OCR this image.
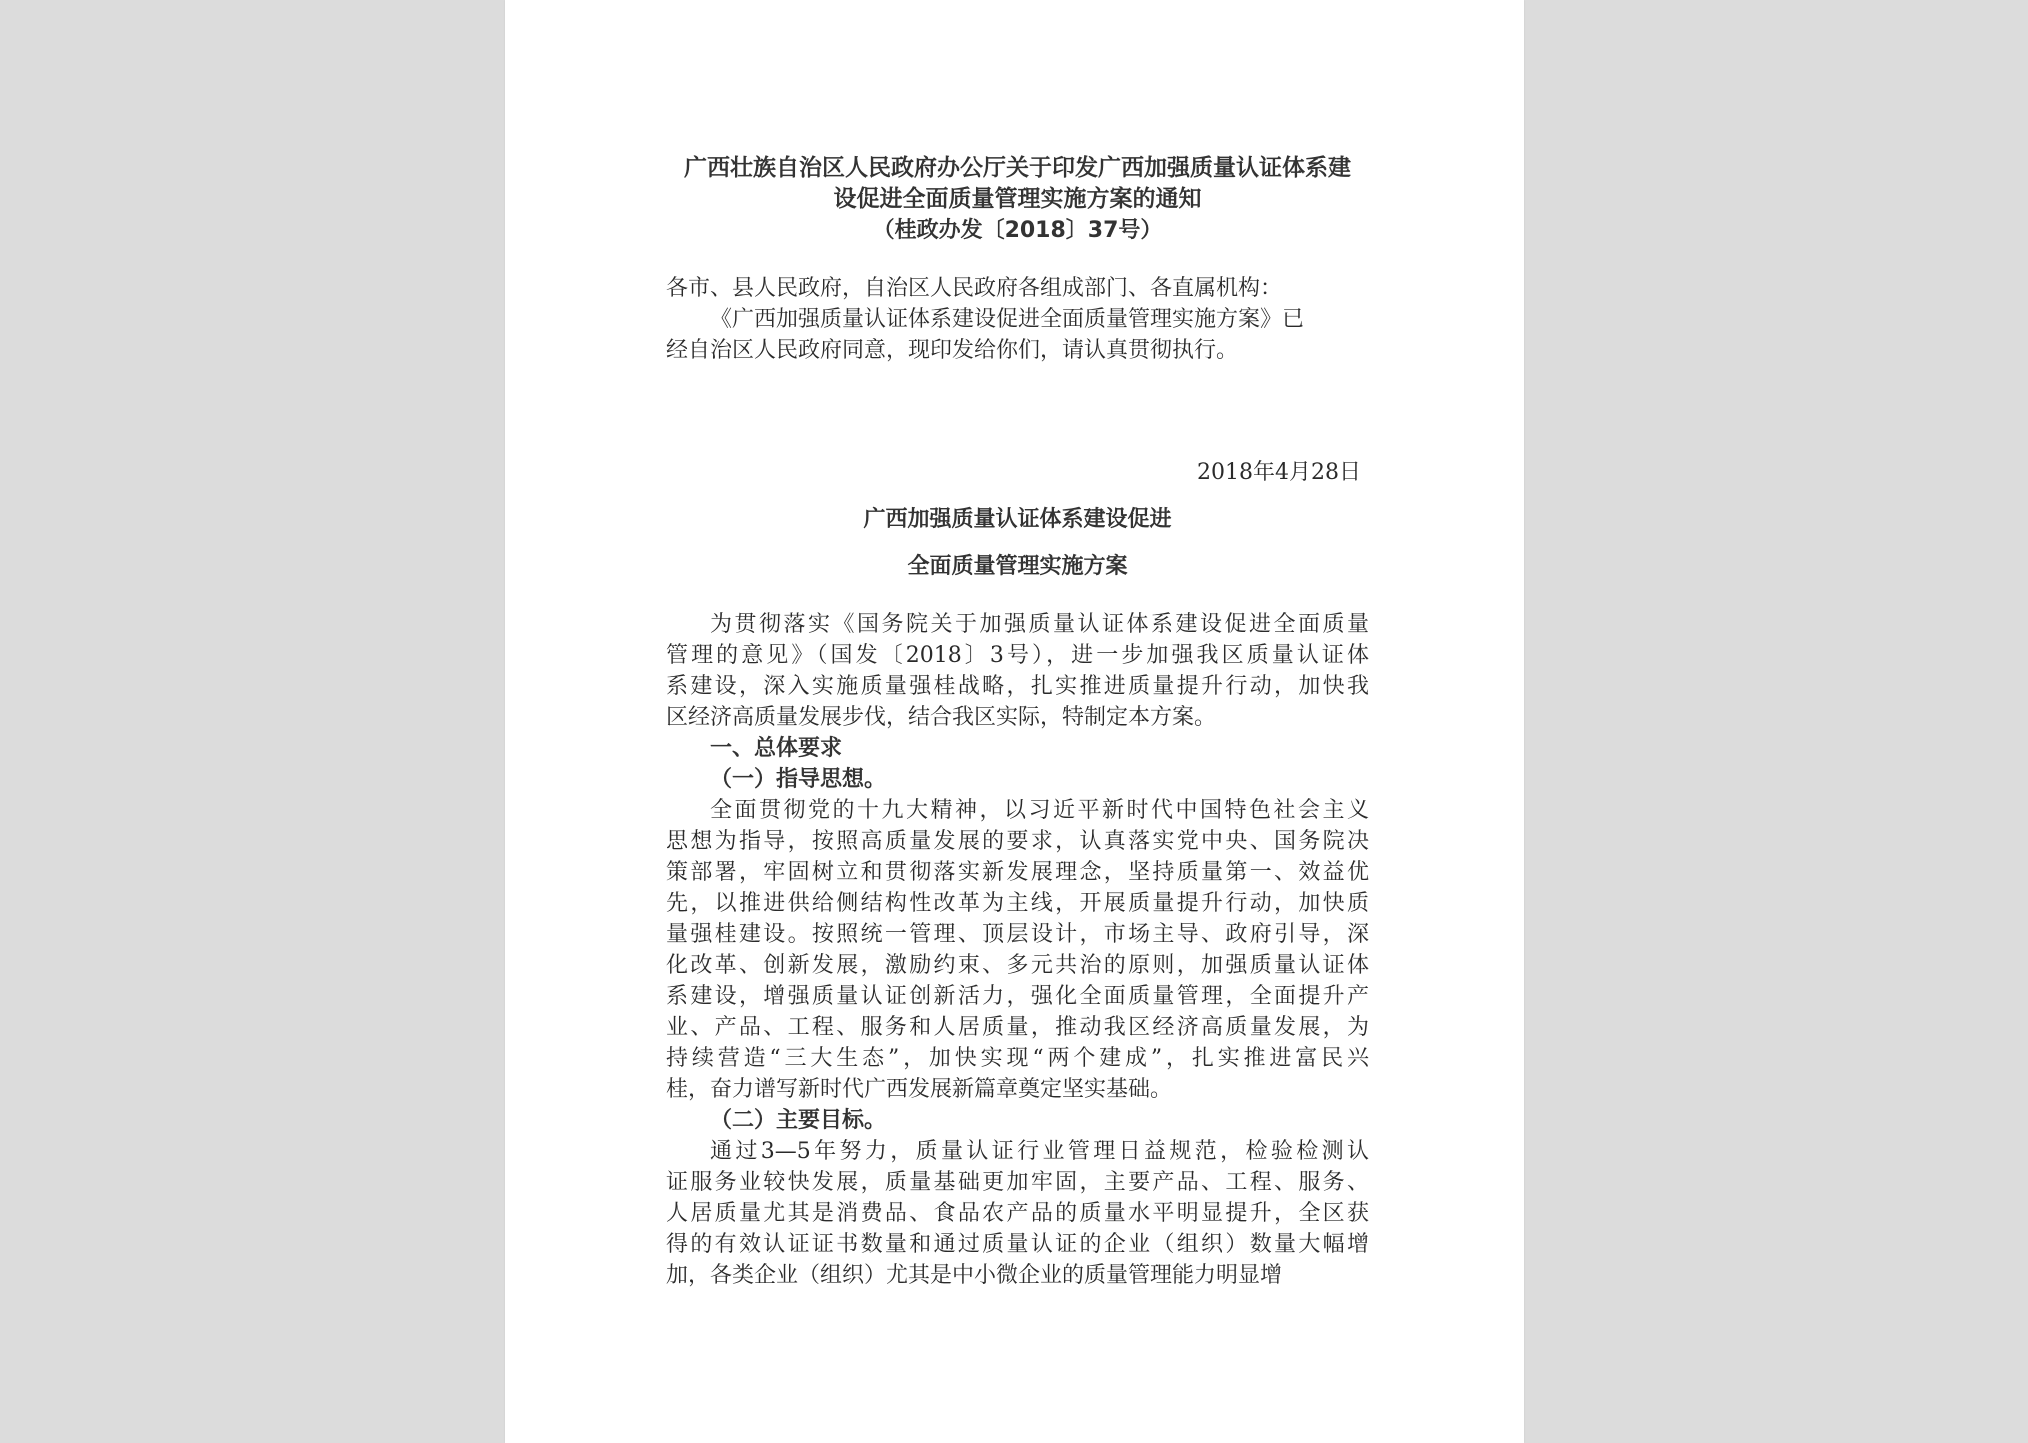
广西壮族自治区人民政府办公厅关于印发广西加强质量认证体系建
设促进全面质量管理实施方案的通知
（桂政办发〔2018〕37号）

各市、县人民政府，自治区人民政府各组成部门、各直属机构：

《广西加强质量认证体系建设促进全面质量管理实施方案》已

经自治区人民政府同意，现印发给你们，请认真贯彻执行。

2018年4月28日

广西加强质量认证体系建设促进
全面质量管理实施方案
为贯彻落实《国务院关于加强质量认证体系建设促进全面质量
管理的意见》（国发〔2018〕3号），进一步加强我区质量认证体
系建设，深入实施质量强桂战略，扎实推进质量提升行动，加快我
区经济高质量发展步伐，结合我区实际，特制定本方案。
一、总体要求
（一）指导思想。
全面贯彻党的十九大精神，以习近平新时代中国特色社会主义
思想为指导，按照高质量发展的要求，认真落实党中央、国务院决
策部署，牢固树立和贯彻落实新发展理念，坚持质量第一、效益优
先，以推进供给侧结构性改革为主线，开展质量提升行动，加快质
量强桂建设。按照统一管理、顶层设计，市场主导、政府引导，深
化改革、创新发展，激励约束、多元共治的原则，加强质量认证体
系建设，增强质量认证创新活力，强化全面质量管理，全面提升产
业、产品、工程、服务和人居质量，推动我区经济高质量发展，为
持续营造“三大生态”，加快实现“两个建成”，扎实推进富民兴
桂，奋力谱写新时代广西发展新篇章奠定坚实基础。
（二）主要目标。
通过3—5年努力，质量认证行业管理日益规范，检验检测认
证服务业较快发展，质量基础更加牢固，主要产品、工程、服务、
人居质量尤其是消费品、食品农产品的质量水平明显提升，全区获
得的有效认证证书数量和通过质量认证的企业（组织）数量大幅增
加，各类企业（组织）尤其是中小微企业的质量管理能力明显增
